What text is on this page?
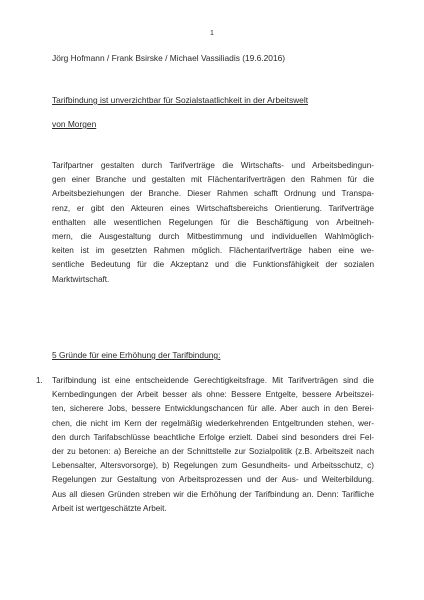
1
Jörg Hofmann / Frank Bsirske / Michael Vassiliadis (19.6.2016)
Tarifbindung ist unverzichtbar für Sozialstaatlichkeit in der Arbeitswelt
von Morgen
Tarifpartner gestalten durch Tarifverträge die Wirtschafts- und Arbeitsbedingun-
gen einer Branche und gestalten mit Flächentarifverträgen den Rahmen für die
Arbeitsbeziehungen der Branche. Dieser Rahmen schafft Ordnung und Transpa-
renz, er gibt den Akteuren eines Wirtschaftsbereichs Orientierung. Tarifverträge
enthalten alle wesentlichen Regelungen für die Beschäftigung von Arbeitneh-
mern, die Ausgestaltung durch Mitbestimmung und individuellen Wahlmöglich-
keiten ist im gesetzten Rahmen möglich. Flächentarifverträge haben eine we-
sentliche Bedeutung für die Akzeptanz und die Funktionsfähigkeit der sozialen
Marktwirtschaft.
5 Gründe für eine Erhöhung der Tarifbindung:
1. Tarifbindung ist eine entscheidende Gerechtigkeitsfrage. Mit Tarifverträgen sind die
Kernbedingungen der Arbeit besser als ohne: Bessere Entgelte, bessere Arbeitszei-
ten, sicherere Jobs, bessere Entwicklungschancen für alle. Aber auch in den Berei-
chen, die nicht im Kern der regelmäßig wiederkehrenden Entgeltrunden stehen, wer-
den durch Tarifabschlüsse beachtliche Erfolge erzielt. Dabei sind besonders drei Fel-
der zu betonen: a) Bereiche an der Schnittstelle zur Sozialpolitik (z.B. Arbeitszeit nach
Lebensalter, Altersvorsorge), b) Regelungen zum Gesundheits- und Arbeitsschutz, c)
Regelungen zur Gestaltung von Arbeitsprozessen und der Aus- und Weiterbildung.
Aus all diesen Gründen streben wir die Erhöhung der Tarifbindung an. Denn: Tarifliche
Arbeit ist wertgeschätzte Arbeit.
